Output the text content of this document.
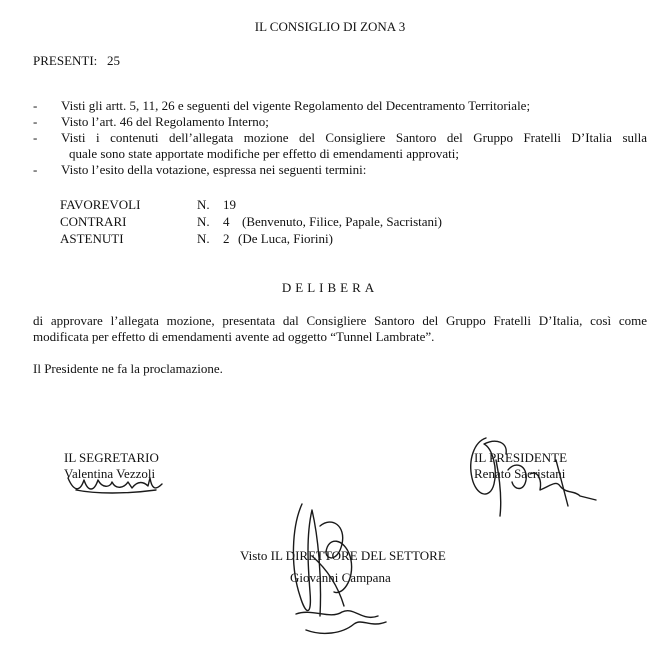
IL CONSIGLIO DI ZONA 3
PRESENTI: 25
- Visti gli artt. 5, 11, 26 e seguenti del vigente Regolamento del Decentramento Territoriale;
- Visto l’art. 46 del Regolamento Interno;
- Visti i contenuti dell’allegata mozione del Consigliere Santoro del Gruppo Fratelli D’Italia sulla
quale sono state apportate modifiche per effetto di emendamenti approvati;
- Visto l’esito della votazione, espressa nei seguenti termini:
FAVOREVOLI	N. 19
CONTRARI	N. 4 (Benvenuto, Filice, Papale, Sacristani)
ASTENUTI	N. 2 (De Luca, Fiorini)
DELIBERA
di approvare l’allegata mozione, presentata dal Consigliere Santoro del Gruppo Fratelli D’Italia, così come modificata per effetto di emendamenti avente ad oggetto “Tunnel Lambrate”.
Il Presidente ne fa la proclamazione.
IL SEGRETARIO
Valentina Vezzoli
IL PRESIDENTE
Renato Sacristani
Visto IL DIRETTORE DEL SETTORE
Giovanni Campana
